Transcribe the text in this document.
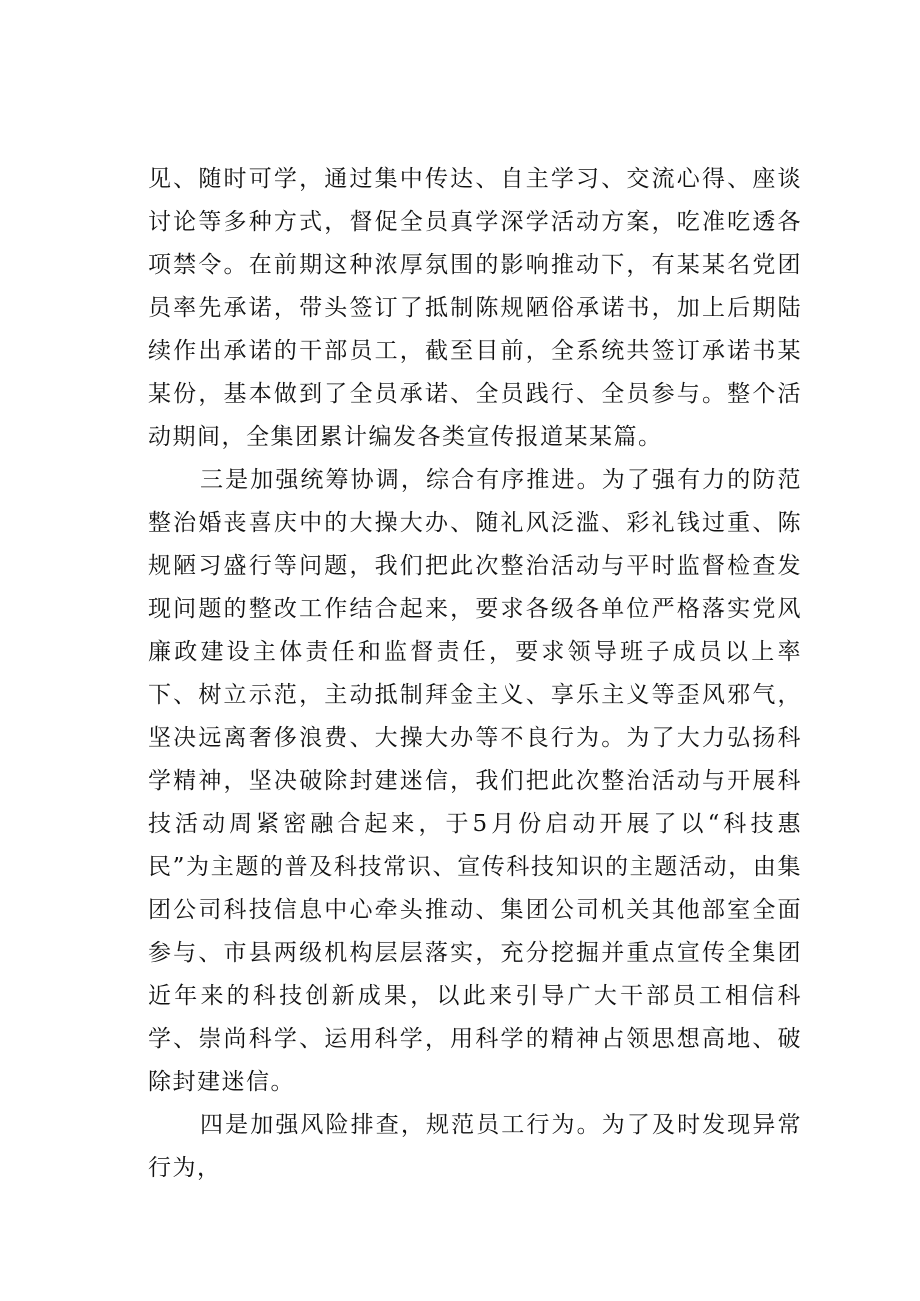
见、随时可学，通过集中传达、自主学习、交流心得、座谈讨论等多种方式，督促全员真学深学活动方案，吃准吃透各项禁令。在前期这种浓厚氛围的影响推动下，有某某名党团员率先承诺，带头签订了抵制陈规陋俗承诺书，加上后期陆续作出承诺的干部员工，截至目前，全系统共签订承诺书某某份，基本做到了全员承诺、全员践行、全员参与。整个活动期间，全集团累计编发各类宣传报道某某篇。

三是加强统筹协调，综合有序推进。为了强有力的防范整治婚丧喜庆中的大操大办、随礼风泛滥、彩礼钱过重、陈规陋习盛行等问题，我们把此次整治活动与平时监督检查发现问题的整改工作结合起来，要求各级各单位严格落实党风廉政建设主体责任和监督责任，要求领导班子成员以上率下、树立示范，主动抵制拜金主义、享乐主义等歪风邪气，坚决远离奢侈浪费、大操大办等不良行为。为了大力弘扬科学精神，坚决破除封建迷信，我们把此次整治活动与开展科技活动周紧密融合起来，于5月份启动开展了以“科技惠民”为主题的普及科技常识、宣传科技知识的主题活动，由集团公司科技信息中心牵头推动、集团公司机关其他部室全面参与、市县两级机构层层落实，充分挖掘并重点宣传全集团近年来的科技创新成果，以此来引导广大干部员工相信科学、崇尚科学、运用科学，用科学的精神占领思想高地、破除封建迷信。

四是加强风险排查，规范员工行为。为了及时发现异常行为，
